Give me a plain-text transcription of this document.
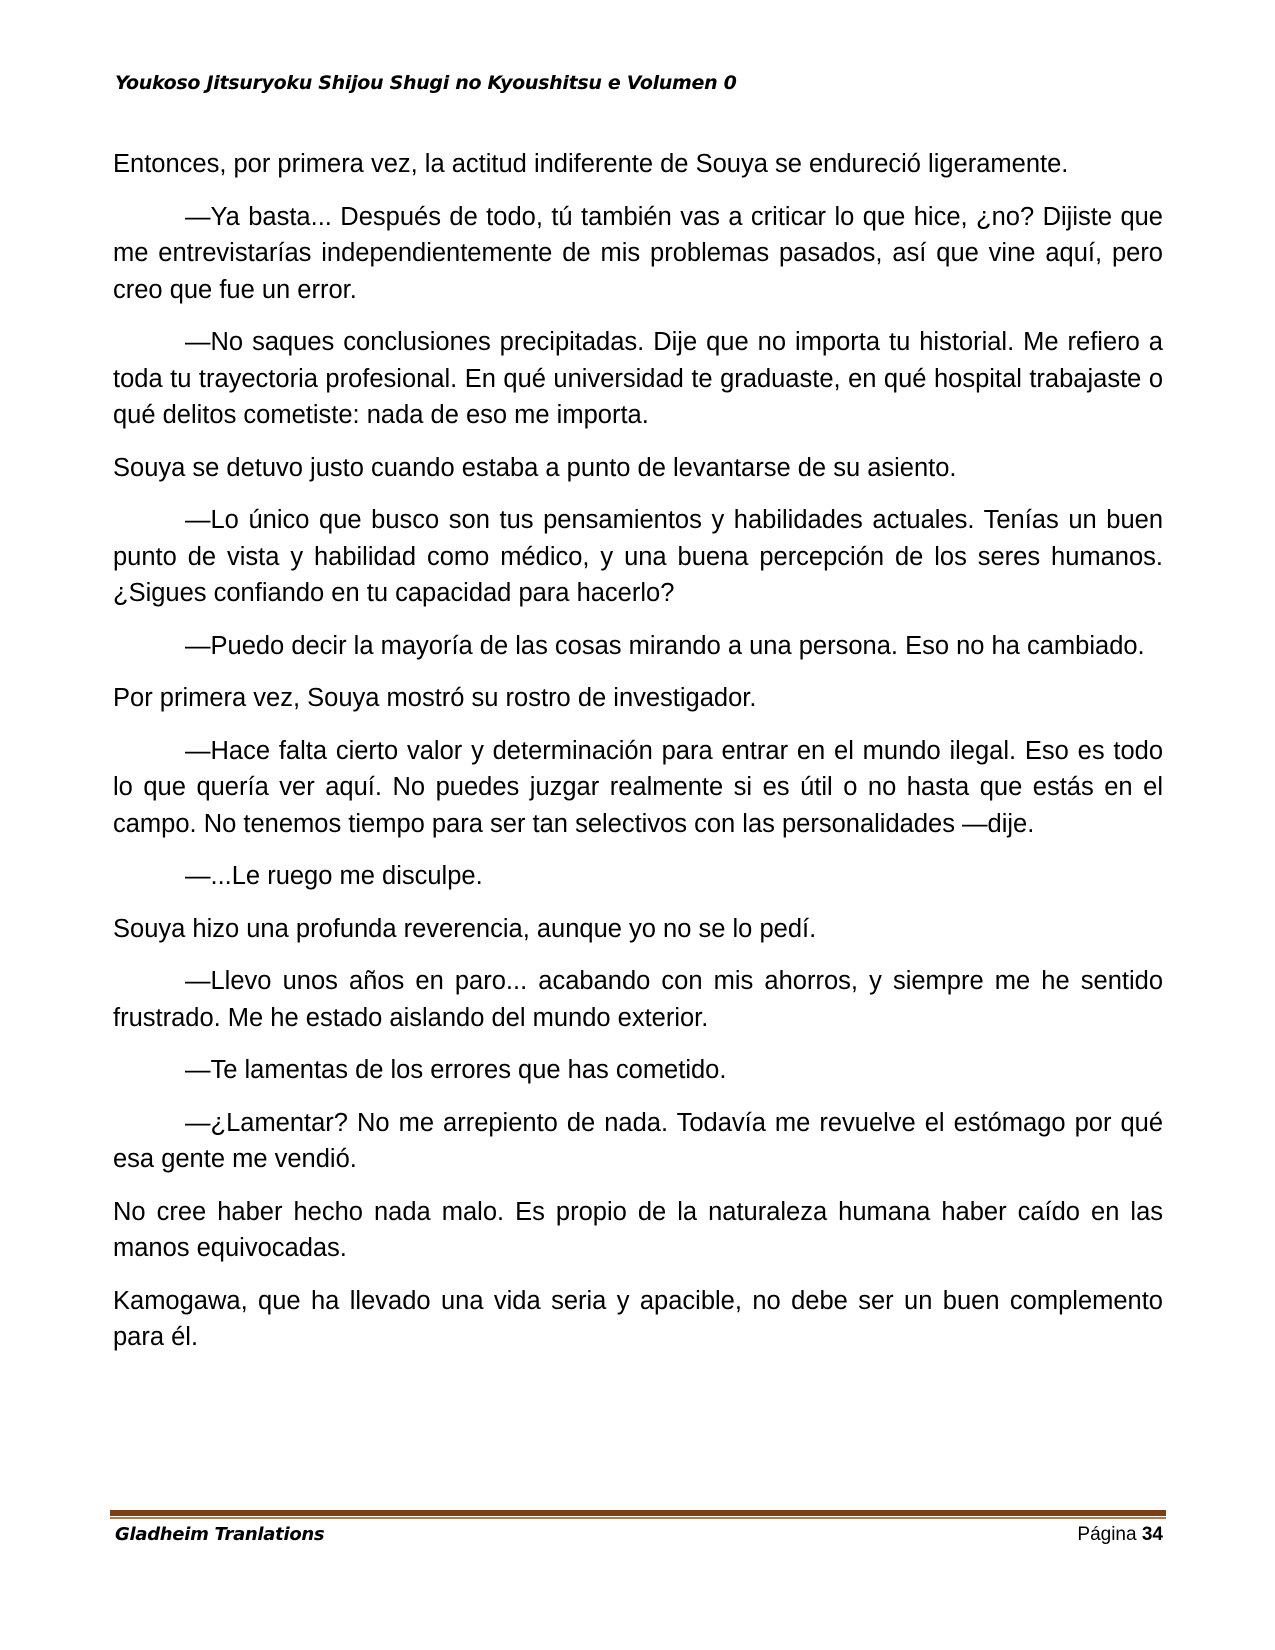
Youkoso Jitsuryoku Shijou Shugi no Kyoushitsu e Volumen 0

Entonces, por primera vez, la actitud indiferente de Souya se endureció ligeramente.

—Ya basta... Después de todo, tú también vas a criticar lo que hice, ¿no? Dijiste que me entrevistarías independientemente de mis problemas pasados, así que vine aquí, pero creo que fue un error.

—No saques conclusiones precipitadas. Dije que no importa tu historial. Me refiero a toda tu trayectoria profesional. En qué universidad te graduaste, en qué hospital trabajaste o qué delitos cometiste: nada de eso me importa.

Souya se detuvo justo cuando estaba a punto de levantarse de su asiento.

—Lo único que busco son tus pensamientos y habilidades actuales. Tenías un buen punto de vista y habilidad como médico, y una buena percepción de los seres humanos. ¿Sigues confiando en tu capacidad para hacerlo?

—Puedo decir la mayoría de las cosas mirando a una persona. Eso no ha cambiado.

Por primera vez, Souya mostró su rostro de investigador.

—Hace falta cierto valor y determinación para entrar en el mundo ilegal. Eso es todo lo que quería ver aquí. No puedes juzgar realmente si es útil o no hasta que estás en el campo. No tenemos tiempo para ser tan selectivos con las personalidades —dije.

—...Le ruego me disculpe.

Souya hizo una profunda reverencia, aunque yo no se lo pedí.

—Llevo unos años en paro... acabando con mis ahorros, y siempre me he sentido frustrado. Me he estado aislando del mundo exterior.

—Te lamentas de los errores que has cometido.

—¿Lamentar? No me arrepiento de nada. Todavía me revuelve el estómago por qué esa gente me vendió.

No cree haber hecho nada malo. Es propio de la naturaleza humana haber caído en las manos equivocadas.

Kamogawa, que ha llevado una vida seria y apacible, no debe ser un buen complemento para él.

Gladheim Tranlations	Página 34
